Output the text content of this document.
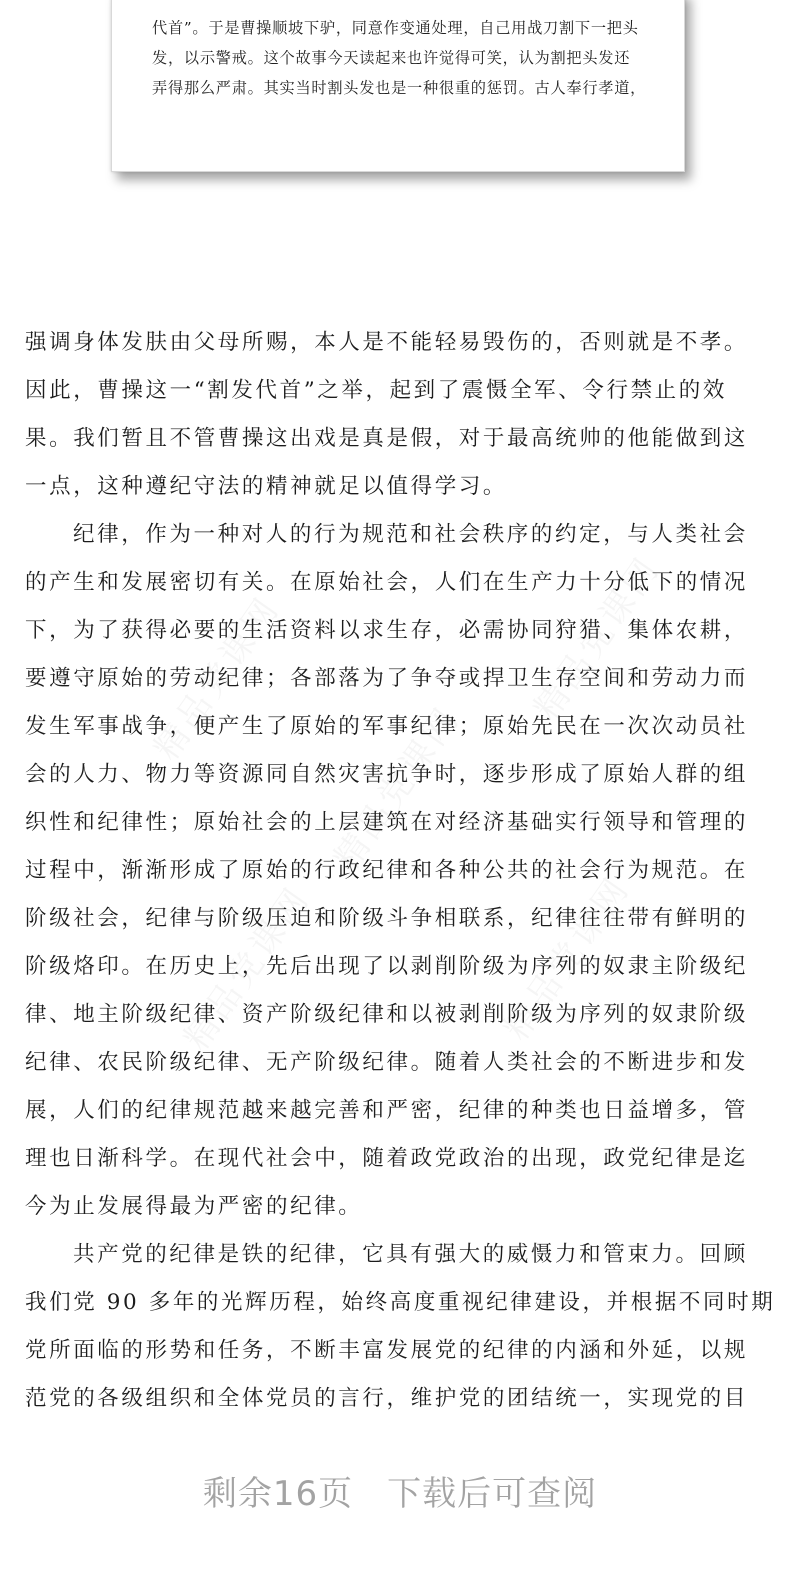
代首”。于是曹操顺坡下驴，同意作变通处理，自己用战刀割下一把头
发，以示警戒。这个故事今天读起来也许觉得可笑，认为割把头发还
弄得那么严肃。其实当时割头发也是一种很重的惩罚。古人奉行孝道，
精品党课网
精品党课网	精品党课网
精品党课网	精品党课网
强调身体发肤由父母所赐，本人是不能轻易毁伤的，否则就是不孝。
因此，曹操这一“割发代首”之举，起到了震慑全军、令行禁止的效
果。我们暂且不管曹操这出戏是真是假，对于最高统帅的他能做到这
一点，这种遵纪守法的精神就足以值得学习。
纪律，作为一种对人的行为规范和社会秩序的约定，与人类社会
的产生和发展密切有关。在原始社会，人们在生产力十分低下的情况
下，为了获得必要的生活资料以求生存，必需协同狩猎、集体农耕，
要遵守原始的劳动纪律；各部落为了争夺或捍卫生存空间和劳动力而
发生军事战争，便产生了原始的军事纪律；原始先民在一次次动员社
会的人力、物力等资源同自然灾害抗争时，逐步形成了原始人群的组
织性和纪律性；原始社会的上层建筑在对经济基础实行领导和管理的
过程中，渐渐形成了原始的行政纪律和各种公共的社会行为规范。在
阶级社会，纪律与阶级压迫和阶级斗争相联系，纪律往往带有鲜明的
阶级烙印。在历史上，先后出现了以剥削阶级为序列的奴隶主阶级纪
律、地主阶级纪律、资产阶级纪律和以被剥削阶级为序列的奴隶阶级
纪律、农民阶级纪律、无产阶级纪律。随着人类社会的不断进步和发
展，人们的纪律规范越来越完善和严密，纪律的种类也日益增多，管
理也日渐科学。在现代社会中，随着政党政治的出现，政党纪律是迄
今为止发展得最为严密的纪律。
共产党的纪律是铁的纪律，它具有强大的威慑力和管束力。回顾
我们党 90 多年的光辉历程，始终高度重视纪律建设，并根据不同时期
党所面临的形势和任务，不断丰富发展党的纪律的内涵和外延，以规
范党的各级组织和全体党员的言行，维护党的团结统一，实现党的目
剩余16页 下载后可查阅
